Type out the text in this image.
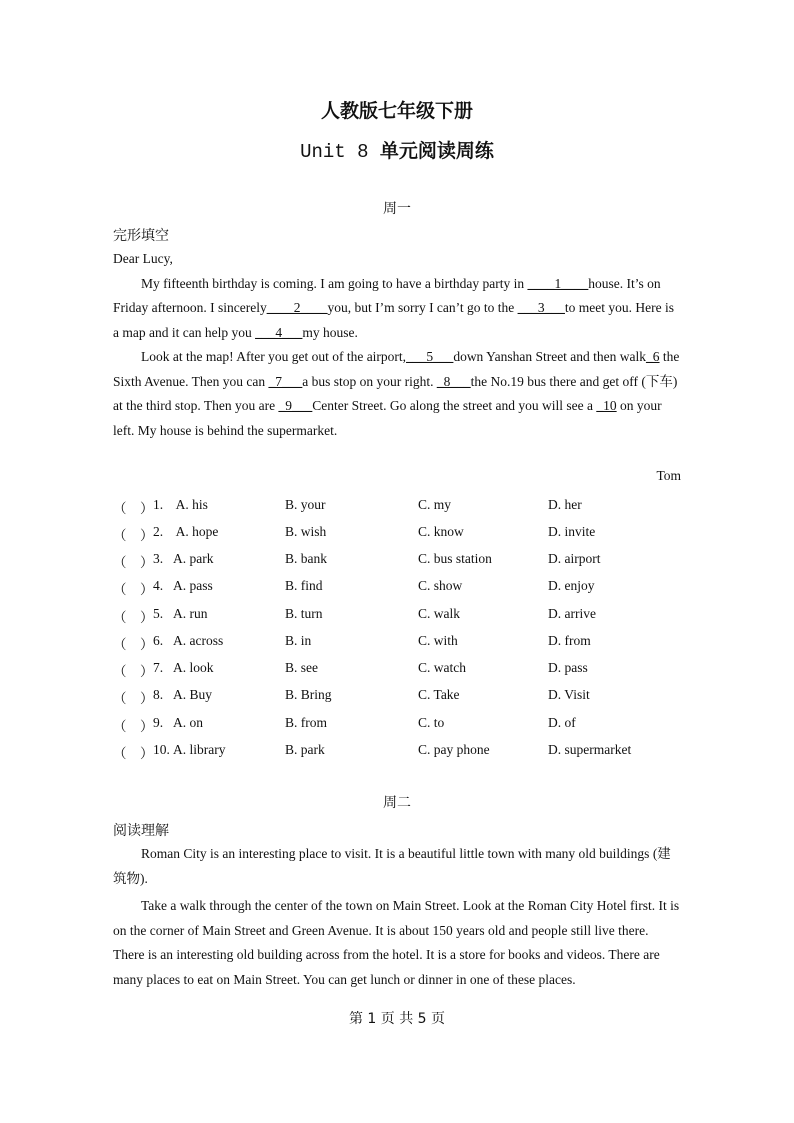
人教版七年级下册
Unit 8 单元阅读周练
周一
完形填空

Dear Lucy,

My fifteenth birthday is coming. I am going to have a birthday party in ____1____house. It’s on Friday afternoon. I sincerely____2____you, but I’m sorry I can’t go to the ___3___to meet you. Here is a map and it can help you ___4___my house.

Look at the map! After you get out of the airport,___5___down Yanshan Street and then walk_6 the Sixth Avenue. Then you can _7___a bus stop on your right. _8___the No.19 bus there and get off (下车) at the third stop. Then you are _9___Center Street. Go along the street and you will see a _10 on your left. My house is behind the supermarket.

Tom
（    ） 1. A. his	B. your	C. my	D. her
（    ） 2. A. hope	B. wish	C. know	D. invite
（    ） 3. A. park	B. bank	C. bus station	D. airport
（    ） 4. A. pass	B. find	C. show	D. enjoy
（    ） 5. A. run	B. turn	C. walk	D. arrive
（    ） 6. A. across	B. in	C. with	D. from
（    ） 7. A. look	B. see	C. watch	D. pass
（    ） 8. A. Buy	B. Bring	C. Take	D. Visit
（    ） 9. A. on	B. from	C. to	D. of
（    ） 10. A. library	B. park	C. pay phone	D. supermarket
周二
阅读理解

Roman City is an interesting place to visit. It is a beautiful little town with many old buildings (建筑物).

Take a walk through the center of the town on Main Street. Look at the Roman City Hotel first. It is on the corner of Main Street and Green Avenue. It is about 150 years old and people still live there. There is an interesting old building across from the hotel. It is a store for books and videos. There are many places to eat on Main Street. You can get lunch or dinner in one of these places.

第 1 页 共 5 页
